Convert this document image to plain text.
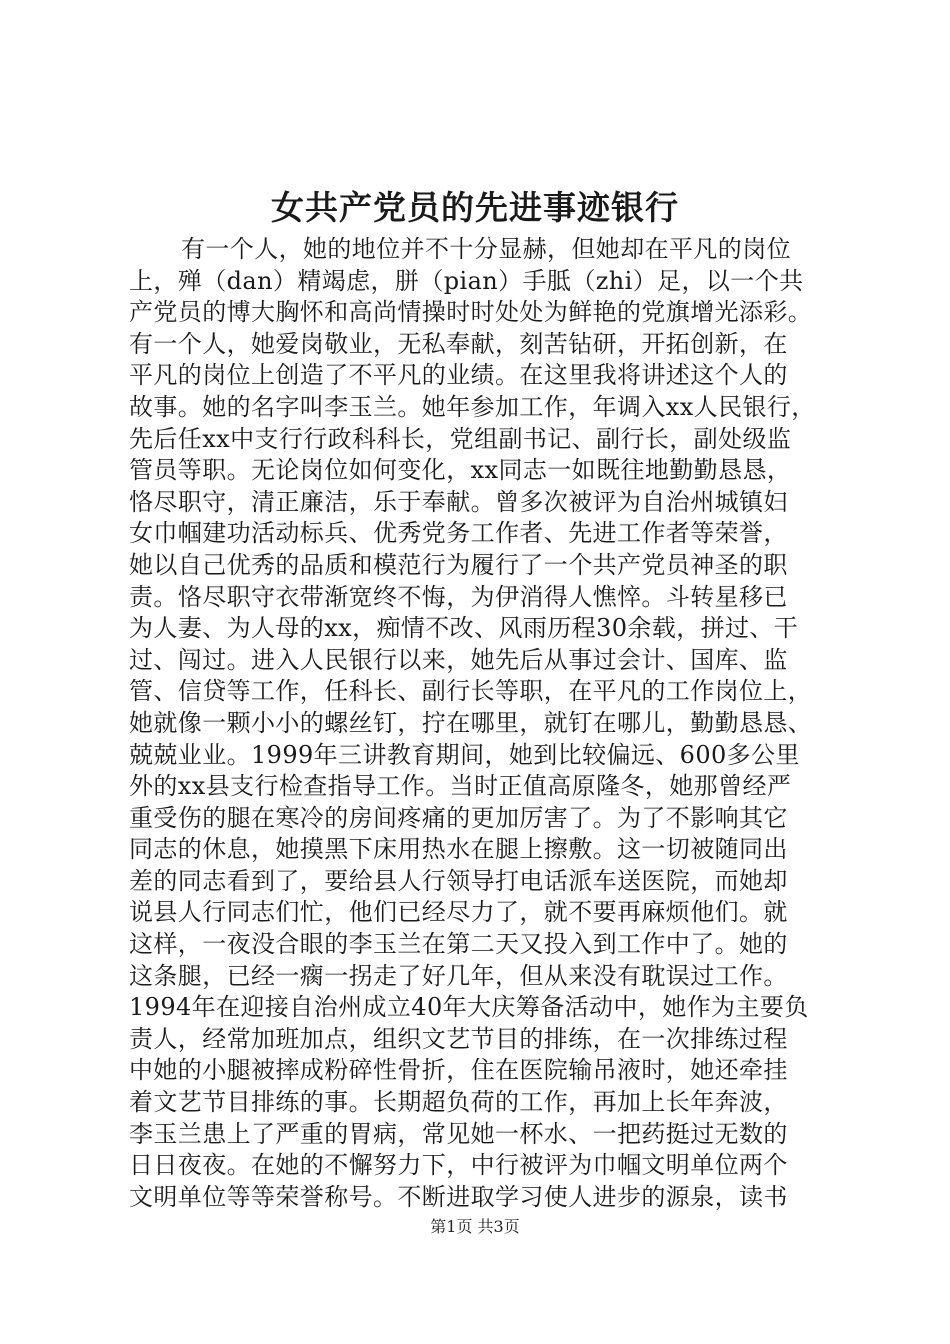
女共产党员的先进事迹银行
有一个人，她的地位并不十分显赫，但她却在平凡的岗位
上，殚（dan）精竭虑，胼（pian）手胝（zhi）足，以一个共
产党员的博大胸怀和高尚情操时时处处为鲜艳的党旗增光添彩。
有一个人，她爱岗敬业，无私奉献，刻苦钻研，开拓创新，在
平凡的岗位上创造了不平凡的业绩。在这里我将讲述这个人的
故事。她的名字叫李玉兰。她年参加工作，年调入xx人民银行，
先后任xx中支行行政科科长，党组副书记、副行长，副处级监
管员等职。无论岗位如何变化，xx同志一如既往地勤勤恳恳，
恪尽职守，清正廉洁，乐于奉献。曾多次被评为自治州城镇妇
女巾帼建功活动标兵、优秀党务工作者、先进工作者等荣誉，
她以自己优秀的品质和模范行为履行了一个共产党员神圣的职
责。恪尽职守衣带渐宽终不悔，为伊消得人憔悴。斗转星移已
为人妻、为人母的xx，痴情不改、风雨历程30余载，拼过、干
过、闯过。进入人民银行以来，她先后从事过会计、国库、监
管、信贷等工作，任科长、副行长等职，在平凡的工作岗位上，
她就像一颗小小的螺丝钉，拧在哪里，就钉在哪儿，勤勤恳恳、
兢兢业业。1999年三讲教育期间，她到比较偏远、600多公里
外的xx县支行检查指导工作。当时正值高原隆冬，她那曾经严
重受伤的腿在寒冷的房间疼痛的更加厉害了。为了不影响其它
同志的休息，她摸黑下床用热水在腿上擦敷。这一切被随同出
差的同志看到了，要给县人行领导打电话派车送医院，而她却
说县人行同志们忙，他们已经尽力了，就不要再麻烦他们。就
这样，一夜没合眼的李玉兰在第二天又投入到工作中了。她的
这条腿，已经一瘸一拐走了好几年，但从来没有耽误过工作。
1994年在迎接自治州成立40年大庆筹备活动中，她作为主要负
责人，经常加班加点，组织文艺节目的排练，在一次排练过程
中她的小腿被摔成粉碎性骨折，住在医院输吊液时，她还牵挂
着文艺节目排练的事。长期超负荷的工作，再加上长年奔波，
李玉兰患上了严重的胃病，常见她一杯水、一把药挺过无数的
日日夜夜。在她的不懈努力下，中行被评为巾帼文明单位两个
文明单位等等荣誉称号。不断进取学习使人进步的源泉，读书
第1页 共3页
